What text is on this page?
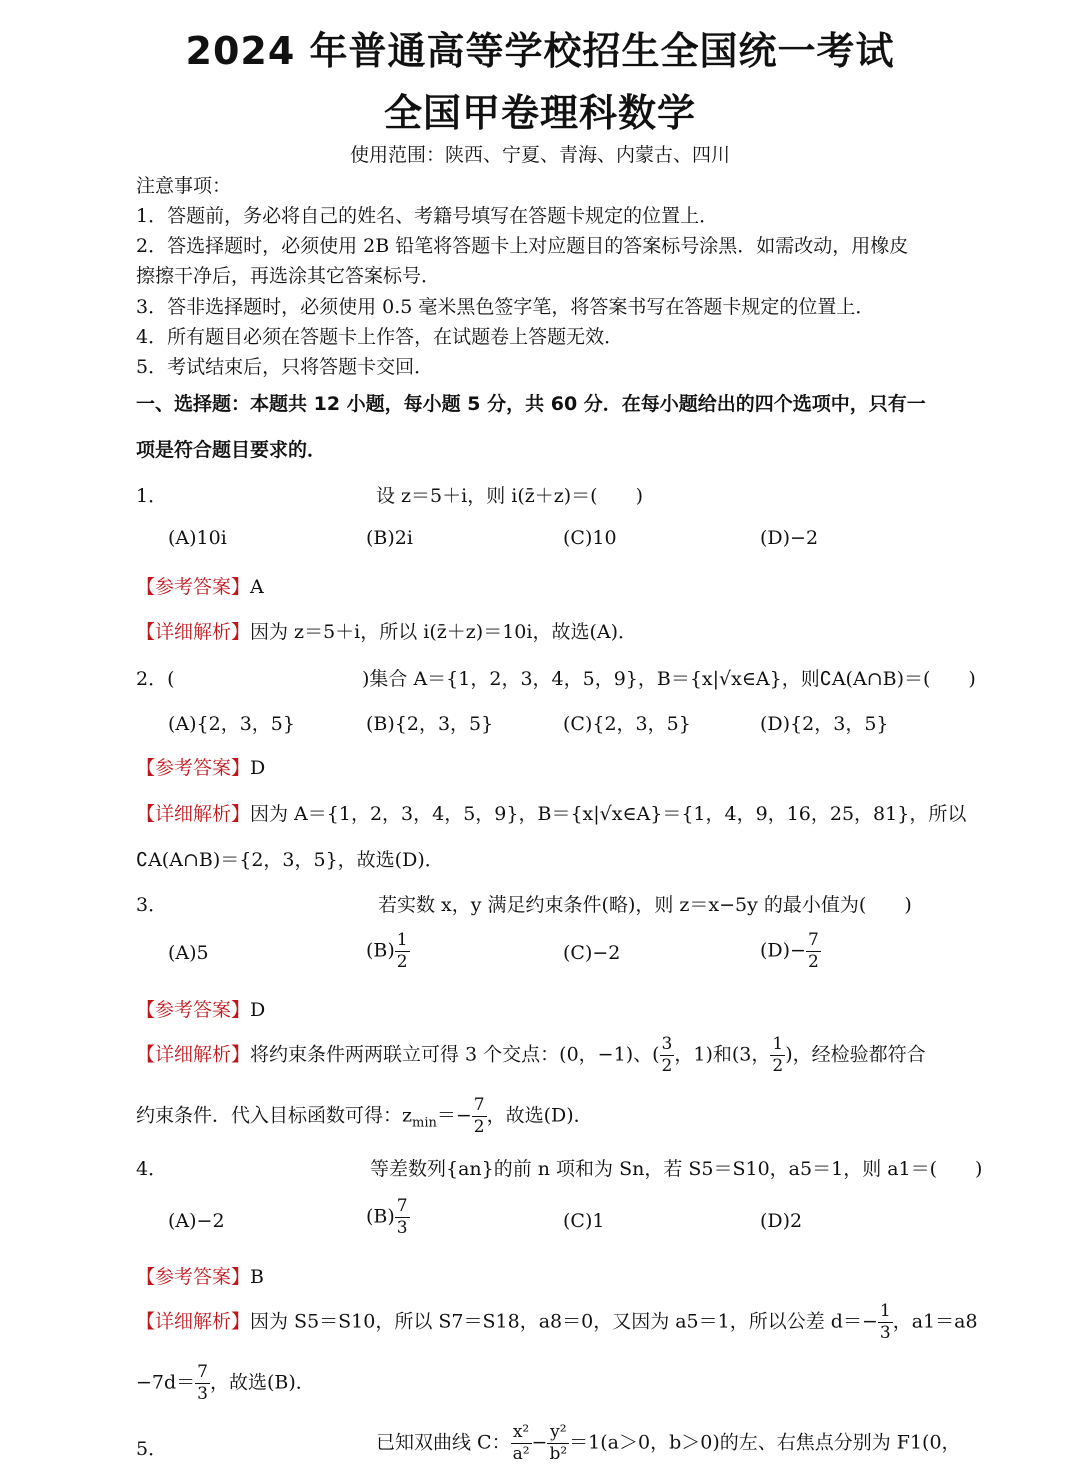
2024 年普通高等学校招生全国统一考试
全国甲卷理科数学
使用范围：陕西、宁夏、青海、内蒙古、四川
注意事项：
1．答题前，务必将自己的姓名、考籍号填写在答题卡规定的位置上．
2．答选择题时，必须使用 2B 铅笔将答题卡上对应题目的答案标号涂黑．如需改动，用橡皮
擦擦干净后，再选涂其它答案标号．
3．答非选择题时，必须使用 0.5 毫米黑色签字笔，将答案书写在答题卡规定的位置上．
4．所有题目必须在答题卡上作答，在试题卷上答题无效．
5．考试结束后，只将答题卡交回．
一、选择题：本题共 12 小题，每小题 5 分，共 60 分．在每小题给出的四个选项中，只有一
项是符合题目要求的．
1．	设 z＝5＋i，则 i(z̄＋z)＝(　　)
(A)10i	(B)2i	(C)10	(D)−2
【参考答案】A
【详细解析】因为 z＝5＋i，所以 i(z̄＋z)＝10i，故选(A)．
2．(	)集合 A＝{1，2，3，4，5，9}，B＝{x|√x∈A}，则∁A(A∩B)＝(　　)
(A){2，3，5}	(B){2，3，5}	(C){2，3，5}	(D){2，3，5}
【参考答案】D
【详细解析】因为 A＝{1，2，3，4，5，9}，B＝{x|√x∈A}＝{1，4，9，16，25，81}，所以
∁A(A∩B)＝{2，3，5}，故选(D)．
3．	若实数 x，y 满足约束条件(略)，则 z＝x−5y 的最小值为(　　)
(A)5	$(B) \frac{1}{2}$	(C)−2	$(D)- \frac{7}{2}$
【参考答案】D
【详细解析】将约束条件两两联立可得 3 个交点：(0，−1)、( $\frac{3}{2}$ ，1)和(3， $\frac{1}{2}$ )，经检验都符合
约束条件．代入目标函数可得：$z_{min}=- \frac{7}{2}$ ，故选(D)．
4．	等差数列{an}的前 n 项和为 Sn，若 S5＝S10，a5＝1，则 a1＝(　　)
(A)−2	$(B) \frac{7}{3}$	(C)1	(D)2
【参考答案】B
【详细解析】因为 S5＝S10，所以 S7＝S18，a8＝0，又因为 a5＝1，所以公差 $d=- \frac{1}{3}$ ，a1＝a8
$-7d= \frac{7}{3}$ ，故选(B)．
5．	已知双曲线 C： $\frac{\text{x²}}{\text{a²}} - \frac{\text{y²}}{\text{b²}} =1(a>0$，b＞0)的左、右焦点分别为 F1(0，
